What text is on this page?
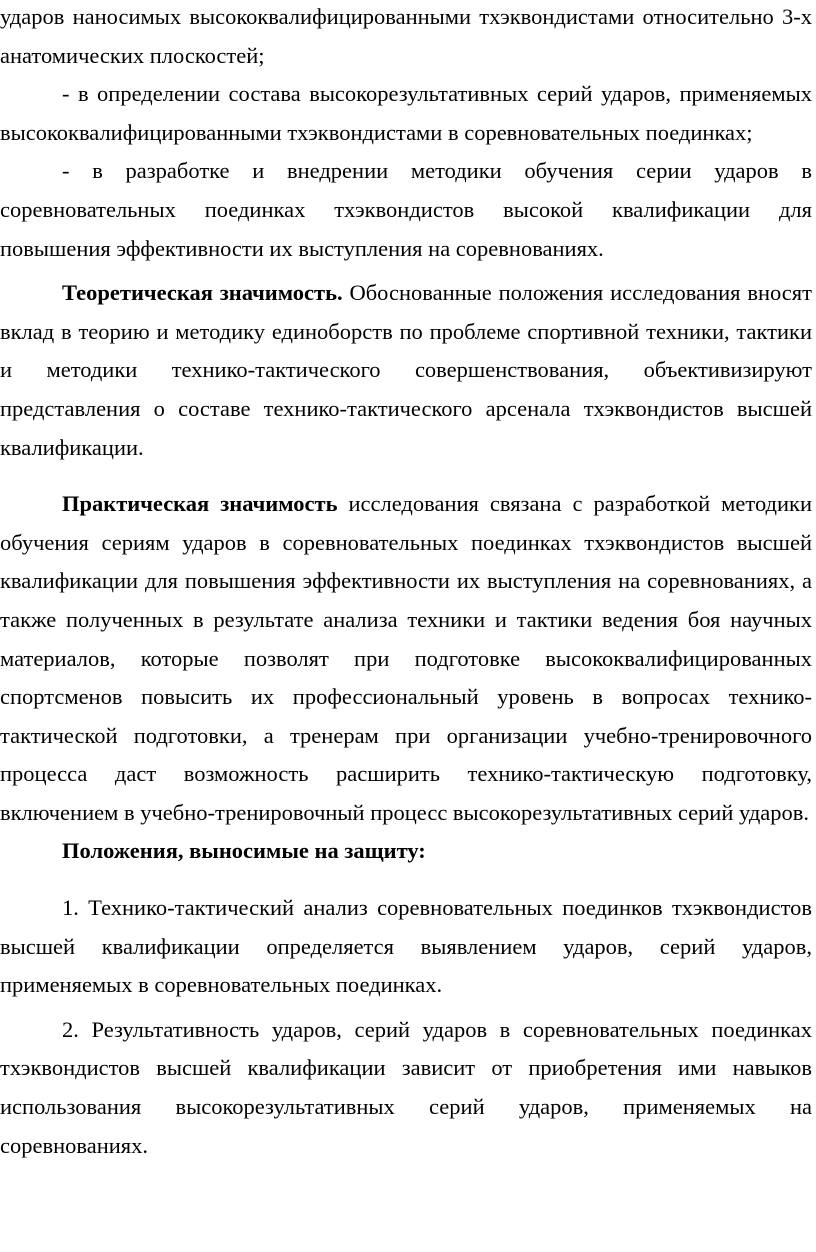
ударов наносимых высококвалифицированными тхэквондистами относительно 3-х анатомических плоскостей;

- в определении состава высокорезультативных серий ударов, применяемых высококвалифицированными тхэквондистами в соревновательных поединках;

- в разработке и внедрении методики обучения серии ударов в соревновательных поединках тхэквондистов высокой квалификации для повышения эффективности их выступления на соревнованиях.

Теоретическая значимость. Обоснованные положения исследования вносят вклад в теорию и методику единоборств по проблеме спортивной техники, тактики и методики технико-тактического совершенствования, объективизируют представления о составе технико-тактического арсенала тхэквондистов высшей квалификации.

Практическая значимость исследования связана с разработкой методики обучения сериям ударов в соревновательных поединках тхэквондистов высшей квалификации для повышения эффективности их выступления на соревнованиях, а также полученных в результате анализа техники и тактики ведения боя научных материалов, которые позволят при подготовке высококвалифицированных спортсменов повысить их профессиональный уровень в вопросах технико-тактической подготовки, а тренерам при организации учебно-тренировочного процесса даст возможность расширить технико-тактическую подготовку, включением в учебно-тренировочный процесс высокорезультативных серий ударов.

Положения, выносимые на защиту:

1. Технико-тактический анализ соревновательных поединков тхэквондистов высшей квалификации определяется выявлением ударов, серий ударов, применяемых в соревновательных поединках.

2. Результативность ударов, серий ударов в соревновательных поединках тхэквондистов высшей квалификации зависит от приобретения ими навыков использования высокорезультативных серий ударов, применяемых на соревнованиях.
